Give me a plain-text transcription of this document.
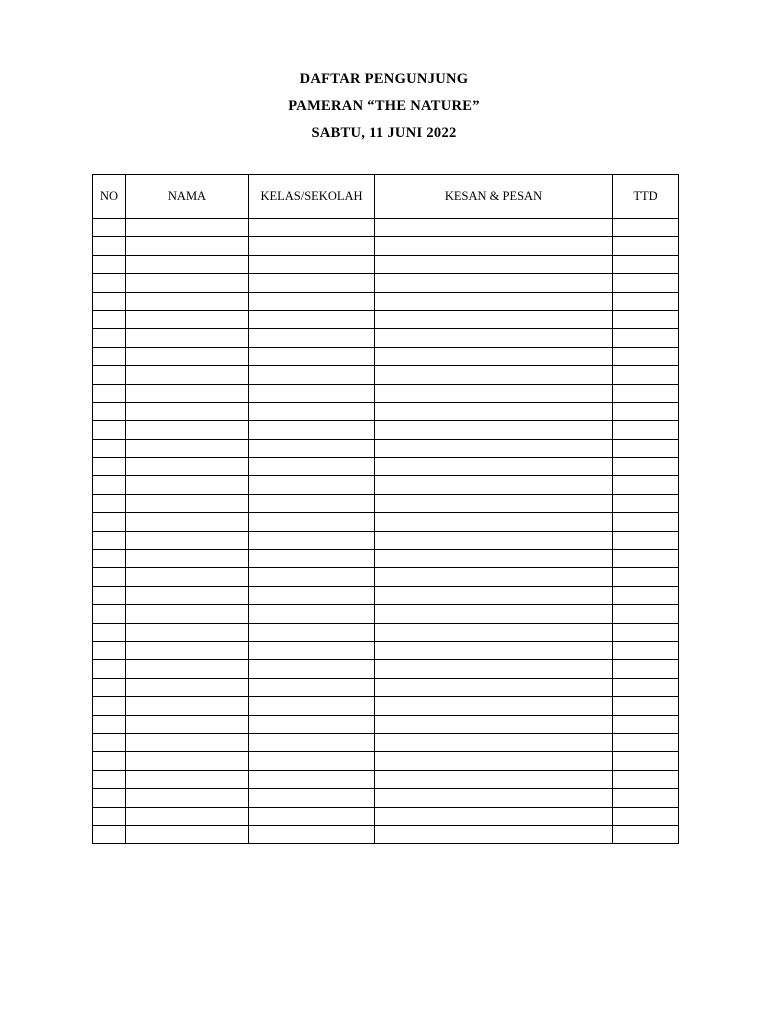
DAFTAR PENGUNJUNG
PAMERAN “THE NATURE”
SABTU, 11 JUNI 2022
NO	NAMA	KELAS/SEKOLAH	KESAN & PESAN	TTD
